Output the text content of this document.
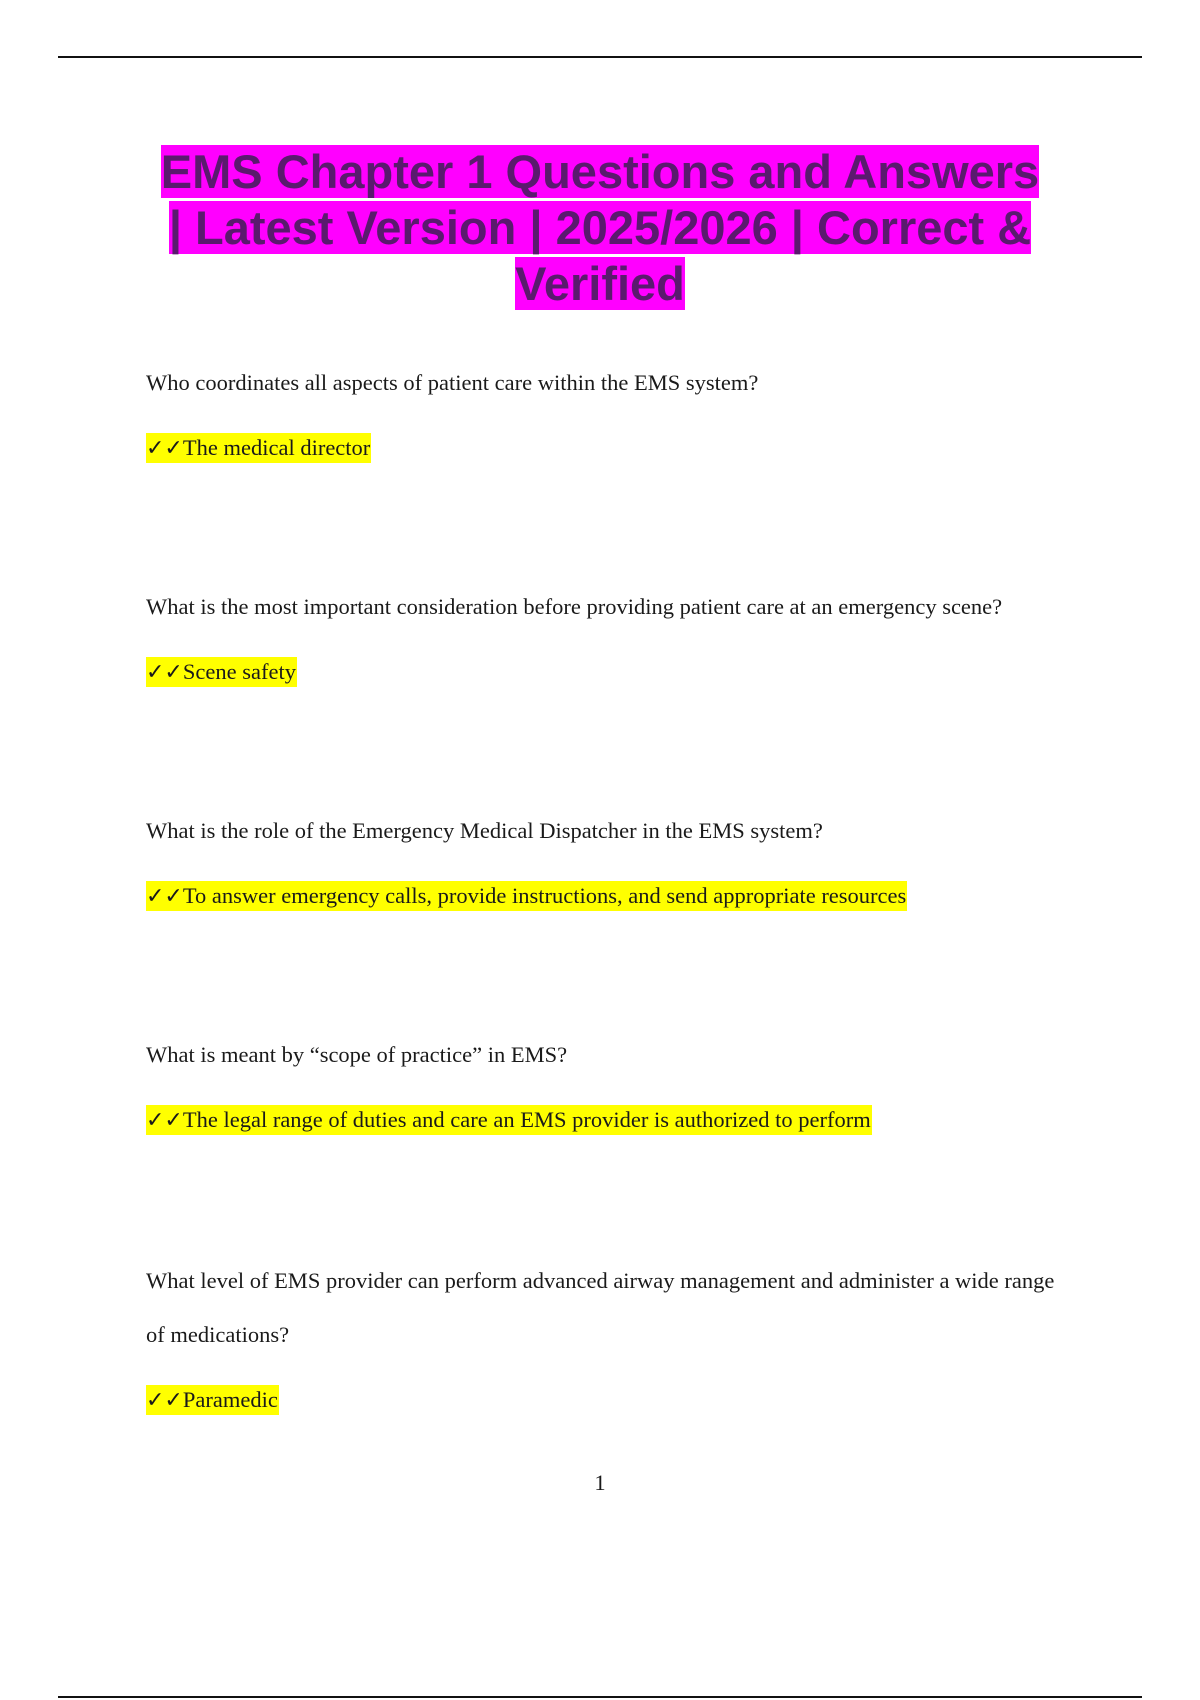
EMS Chapter 1 Questions and Answers | Latest Version | 2025/2026 | Correct & Verified
Who coordinates all aspects of patient care within the EMS system?
✓✓The medical director
What is the most important consideration before providing patient care at an emergency scene?
✓✓Scene safety
What is the role of the Emergency Medical Dispatcher in the EMS system?
✓✓To answer emergency calls, provide instructions, and send appropriate resources
What is meant by “scope of practice” in EMS?
✓✓The legal range of duties and care an EMS provider is authorized to perform
What level of EMS provider can perform advanced airway management and administer a wide range of medications?
✓✓Paramedic
1
